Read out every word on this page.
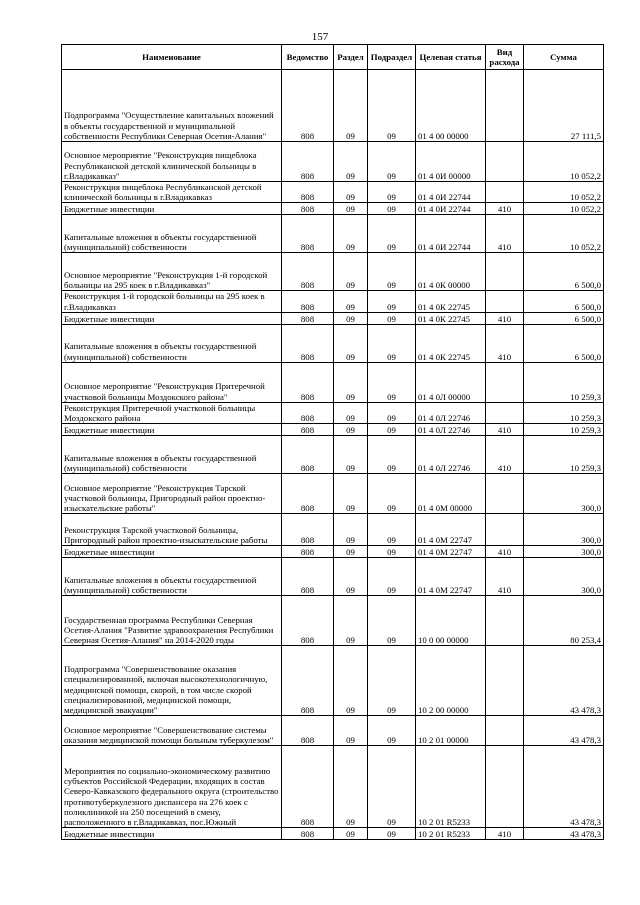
157
Наименование	Ведомство	Раздел	Подраздел	Целевая статья	Вид расхода	Сумма
Подпрограмма "Осуществление капитальных вложений в объекты государственной и муниципальной собственности Республики Северная Осетия-Алания"	808	09	09	01 4 00 00000		27 111,5
Основное мероприятие "Реконструкция пищеблока Республиканской детской клинической больницы в г.Владикавказ"	808	09	09	01 4 0И 00000		10 052,2
Реконструкция пищеблока Республиканской детской клинической больницы в г.Владикавказ	808	09	09	01 4 0И 22744		10 052,2
Бюджетные инвестиции	808	09	09	01 4 0И 22744	410	10 052,2
Капитальные вложения в объекты государственной (муниципальной) собственности	808	09	09	01 4 0И 22744	410	10 052,2
Основное мероприятие "Реконструкция 1-й городской больницы на 295 коек в г.Владикавказ"	808	09	09	01 4 0К 00000		6 500,0
Реконструкция 1-й городской больницы на 295 коек в г.Владикавказ	808	09	09	01 4 0К 22745		6 500,0
Бюджетные инвестиции	808	09	09	01 4 0К 22745	410	6 500,0
Капитальные вложения в объекты государственной (муниципальной) собственности	808	09	09	01 4 0К 22745	410	6 500,0
Основное мероприятие "Реконструкция Притеречной участковой больницы Моздокского района"	808	09	09	01 4 0Л 00000		10 259,3
Реконструкция Притеречной участковой больницы Моздокского района	808	09	09	01 4 0Л 22746		10 259,3
Бюджетные инвестиции	808	09	09	01 4 0Л 22746	410	10 259,3
Капитальные вложения в объекты государственной (муниципальной) собственности	808	09	09	01 4 0Л 22746	410	10 259,3
Основное мероприятие "Реконструкция Тарской участковой больницы, Пригородный район проектно-изыскательские работы"	808	09	09	01 4 0М 00000		300,0
Реконструкция Тарской участковой больницы, Пригородный район проектно-изыскательские работы	808	09	09	01 4 0М 22747		300,0
Бюджетные инвестиции	808	09	09	01 4 0М 22747	410	300,0
Капитальные вложения в объекты государственной (муниципальной) собственности	808	09	09	01 4 0М 22747	410	300,0
Государственная программа Республики Северная Осетия-Алания "Развитие здравоохранения Республики Северная Осетия-Алания" на 2014-2020 годы	808	09	09	10 0 00 00000		80 253,4
Подпрограмма "Совершенствование оказания специализированной, включая высокотехнологичную, медицинской помощи, скорой, в том числе скорой специализированной, медицинской помощи, медицинской эвакуации"	808	09	09	10 2 00 00000		43 478,3
Основное мероприятие "Совершенствование системы оказания медицинской помощи больным туберкулезом"	808	09	09	10 2 01 00000		43 478,3
Мероприятия по социально-экономическому развитию субъектов Российской Федерации, входящих в состав Северо-Кавказского федерального округа (строительство противотуберкулезного диспансера на 276 коек с поликлиникой на 250 посещений в смену, расположенного в г.Владикавказ, пос.Южный	808	09	09	10 2 01 R5233		43 478,3
Бюджетные инвестиции	808	09	09	10 2 01 R5233	410	43 478,3
